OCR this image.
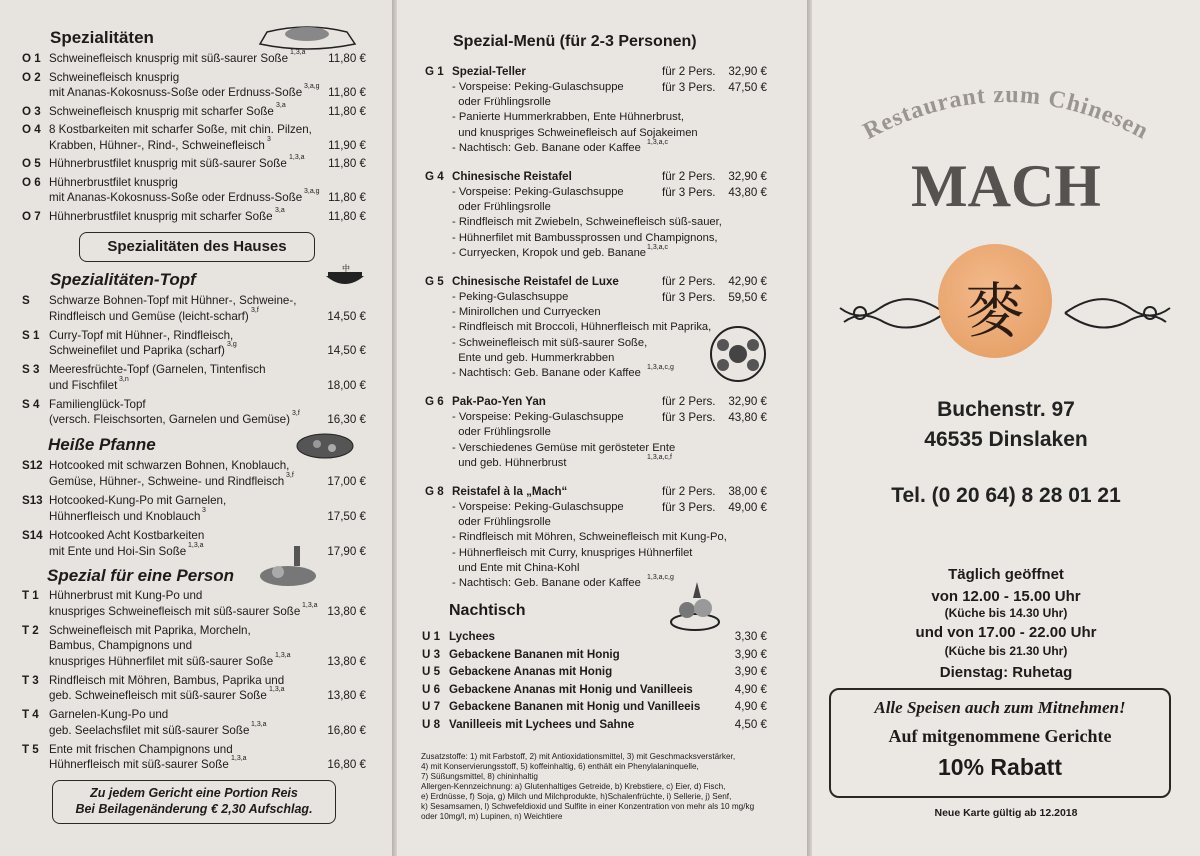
Spezialitäten
Spezialitäten des Hauses
Spezialitäten-Topf
中
Heiße Pfanne
Spezial für eine Person
Zu jedem Gericht eine Portion Reis
Bei Beilagenänderung € 2,30 Aufschlag.
O 1 Schweinefleisch knusprig mit süß-saurer Soße 1,3,a 11,80 €
O 2 Schweinefleisch knusprig
mit Ananas-Kokosnuss-Soße oder Erdnuss-Soße 3,a,g 11,80 €
O 3 Schweinefleisch knusprig mit scharfer Soße 3,a	11,80 €
O 4 8 Kostbarkeiten mit scharfer Soße, mit chin. Pilzen,
Krabben, Hühner-, Rind-, Schweinefleisch 3	11,90 €
O 5 Hühnerbrustfilet knusprig mit süß-saurer Soße 1,3,a 11,80 €
O 6 Hühnerbrustfilet knusprig
mit Ananas-Kokosnuss-Soße oder Erdnuss-Soße 3,a,g 11,80 €
O 7 Hühnerbrustfilet knusprig mit scharfer Soße 3,a	11,80 €
S Schwarze Bohnen-Topf mit Hühner-, Schweine-,
Rindfleisch und Gemüse (leicht-scharf) 3,f	14,50 €
S 1 Curry-Topf mit Hühner-, Rindfleisch,
Schweinefilet und Paprika (scharf) 3,g	14,50 €
S 3 Meeresfrüchte-Topf (Garnelen, Tintenfisch
und Fischfilet 3,n	18,00 €
S 4 Familienglück-Topf
(versch. Fleischsorten, Garnelen und Gemüse) 3,f 16,30 €
S12 Hotcooked mit schwarzen Bohnen, Knoblauch,
Gemüse, Hühner-, Schweine- und Rindfleisch 3,f	17,00 €
S13 Hotcooked-Kung-Po mit Garnelen,
Hühnerfleisch und Knoblauch 3	17,50 €
S14 Hotcooked Acht Kostbarkeiten
mit Ente und Hoi-Sin Soße 1,3,a	17,90 €
T 1 Hühnerbrust mit Kung-Po und
knuspriges Schweinefleisch mit süß-saurer Soße 1,3,a 13,80 €
T 2 Schweinefleisch mit Paprika, Morcheln,
Bambus, Champignons und
knuspriges Hühnerfilet mit süß-saurer Soße 1,3,a	13,80 €
T 3 Rindfleisch mit Möhren, Bambus, Paprika und
geb. Schweinefleisch mit süß-saurer Soße 1,3,a	13,80 €
T 4 Garnelen-Kung-Po und
geb. Seelachsfilet mit süß-saurer Soße 1,3,a	16,80 €
T 5 Ente mit frischen Champignons und
Hühnerfleisch mit süß-saurer Soße 1,3,a	16,80 €
Spezial-Menü (für 2-3 Personen)
Nachtisch
G 1 Spezial-Teller	für 2 Pers. 32,90 €
für 3 Pers. 47,50 €
- Vorspeise: Peking-Gulaschsuppe
oder Frühlingsrolle
- Panierte Hummerkrabben, Ente Hühnerbrust,
und knuspriges Schweinefleisch auf Sojakeimen
- Nachtisch: Geb. Banane oder Kaffee 1,3,a,c
G 4 Chinesische Reistafel	für 2 Pers. 32,90 €
für 3 Pers. 43,80 €
- Vorspeise: Peking-Gulaschsuppe
oder Frühlingsrolle
- Rindfleisch mit Zwiebeln, Schweinefleisch süß-sauer,
- Hühnerfilet mit Bambussprossen und Champignons,
- Curryecken, Kropok und geb. Banane 1,3,a,c
G 5 Chinesische Reistafel de Luxe	für 2 Pers. 42,90 €
für 3 Pers. 59,50 €
- Peking-Gulaschsuppe
- Minirollchen und Curryecken
- Rindfleisch mit Broccoli, Hühnerfleisch mit Paprika,
- Schweinefleisch mit süß-saurer Soße,
Ente und geb. Hummerkrabben
- Nachtisch: Geb. Banane oder Kaffee 1,3,a,c,g
G 6 Pak-Pao-Yen Yan	für 2 Pers. 32,90 €
für 3 Pers. 43,80 €
- Vorspeise: Peking-Gulaschsuppe
oder Frühlingsrolle
- Verschiedenes Gemüse mit gerösteter Ente
und geb. Hühnerbrust	1,3,a,c,f
G 8 Reistafel à la „Mach“	für 2 Pers. 38,00 €
für 3 Pers. 49,00 €
- Vorspeise: Peking-Gulaschsuppe
oder Frühlingsrolle
- Rindfleisch mit Möhren, Schweinefleisch mit Kung-Po,
- Hühnerfleisch mit Curry, knuspriges Hühnerfilet
und Ente mit China-Kohl
- Nachtisch: Geb. Banane oder Kaffee 1,3,a,c,g
U 1 Lychees	3,30 €
U 3 Gebackene Bananen mit Honig	3,90 €
U 5 Gebackene Ananas mit Honig	3,90 €
U 6 Gebackene Ananas mit Honig und Vanilleeis	4,90 €
U 7 Gebackene Bananen mit Honig und Vanilleeis	4,90 €
U 8 Vanilleeis mit Lychees und Sahne	4,50 €
Zusatzstoffe: 1) mit Farbstoff, 2) mit Antioxidationsmittel, 3) mit Geschmacksverstärker,
4) mit Konservierungsstoff, 5) koffeinhaltig, 6) enthält ein Phenylalaninquelle,
7) Süßungsmittel, 8) chininhaltig
Allergen-Kennzeichnung: a) Glutenhaltiges Getreide, b) Krebstiere, c) Eier, d) Fisch,
e) Erdnüsse, f) Soja, g) Milch und Milchprodukte, h)Schalenfrüchte, i) Sellerie, j) Senf,
k) Sesamsamen, l) Schwefeldioxid und Sulfite in einer Konzentration von mehr als 10 mg/kg
oder 10mg/l, m) Lupinen, n) Weichtiere
Restaurant zum Chinesen
MACH
麥
Buchenstr. 97
46535 Dinslaken
Tel. (0 20 64) 8 28 01 21
Alle Speisen auch zum Mitnehmen!
Auf mitgenommene Gerichte
10% Rabatt
Neue Karte gültig ab 12.2018
Täglich geöffnet
von 12.00 - 15.00 Uhr
(Küche bis 14.30 Uhr)
und von 17.00 - 22.00 Uhr
(Küche bis 21.30 Uhr)
Dienstag: Ruhetag
